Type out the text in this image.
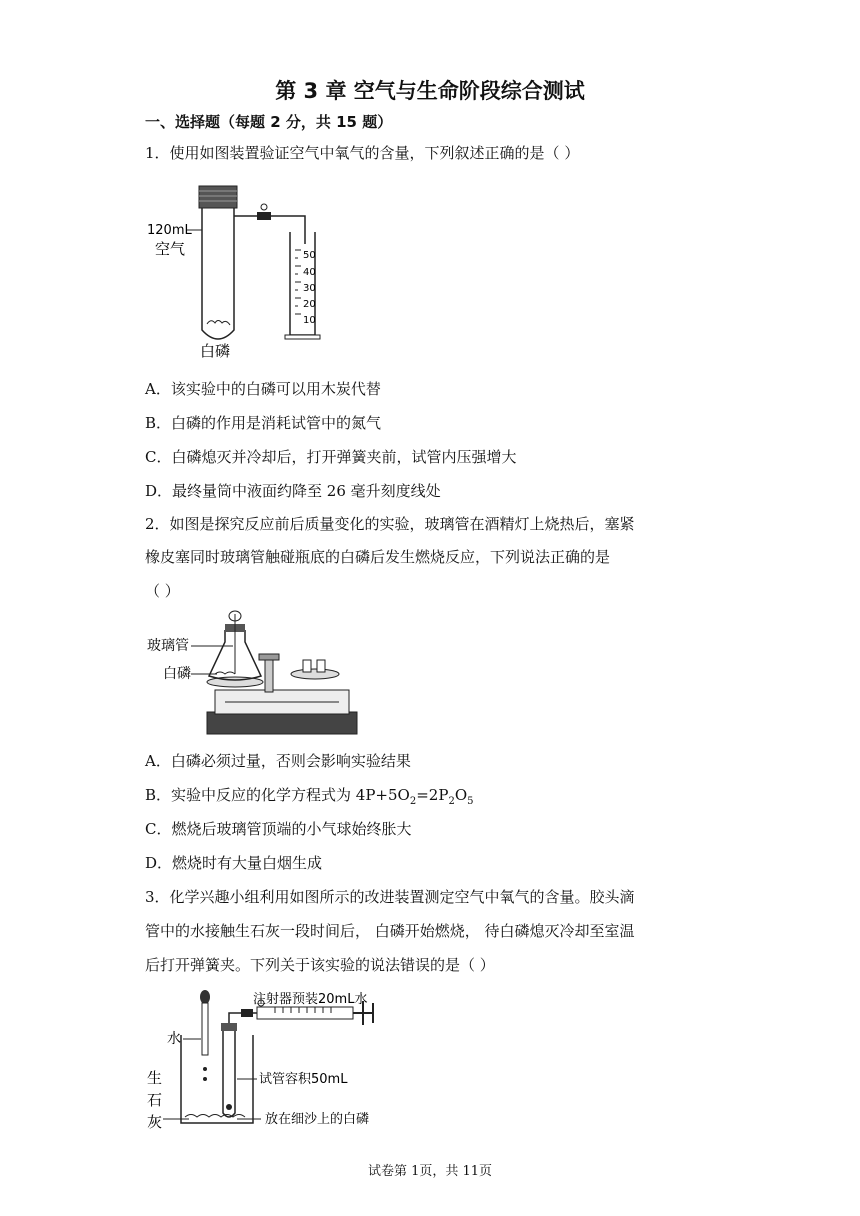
第 3 章 空气与生命阶段综合测试
一、选择题（每题 2 分，共 15 题）
1．使用如图装置验证空气中氧气的含量，下列叙述正确的是（ ）
50
40
30
20
10
120mL
空气
白磷
A．该实验中的白磷可以用木炭代替
B．白磷的作用是消耗试管中的氮气
C．白磷熄灭并冷却后，打开弹簧夹前，试管内压强增大
D．最终量筒中液面约降至 26 毫升刻度线处
2．如图是探究反应前后质量变化的实验，玻璃管在酒精灯上烧热后，塞紧
橡皮塞同时玻璃管触碰瓶底的白磷后发生燃烧反应，下列说法正确的是
（ ）
玻璃管
白磷
A．白磷必须过量，否则会影响实验结果
B．实验中反应的化学方程式为 $4P+5O_2=2P_2O_5$
C．燃烧后玻璃管顶端的小气球始终胀大
D．燃烧时有大量白烟生成
3．化学兴趣小组利用如图所示的改进装置测定空气中氧气的含量。胶头滴
管中的水接触生石灰一段时间后， 白磷开始燃烧， 待白磷熄灭冷却至室温
后打开弹簧夹。下列关于该实验的说法错误的是（ ）
注射器预装20mL水
水
生
石
灰
试管容积50mL
放在细沙上的白磷
试卷第 1页，共 11页
